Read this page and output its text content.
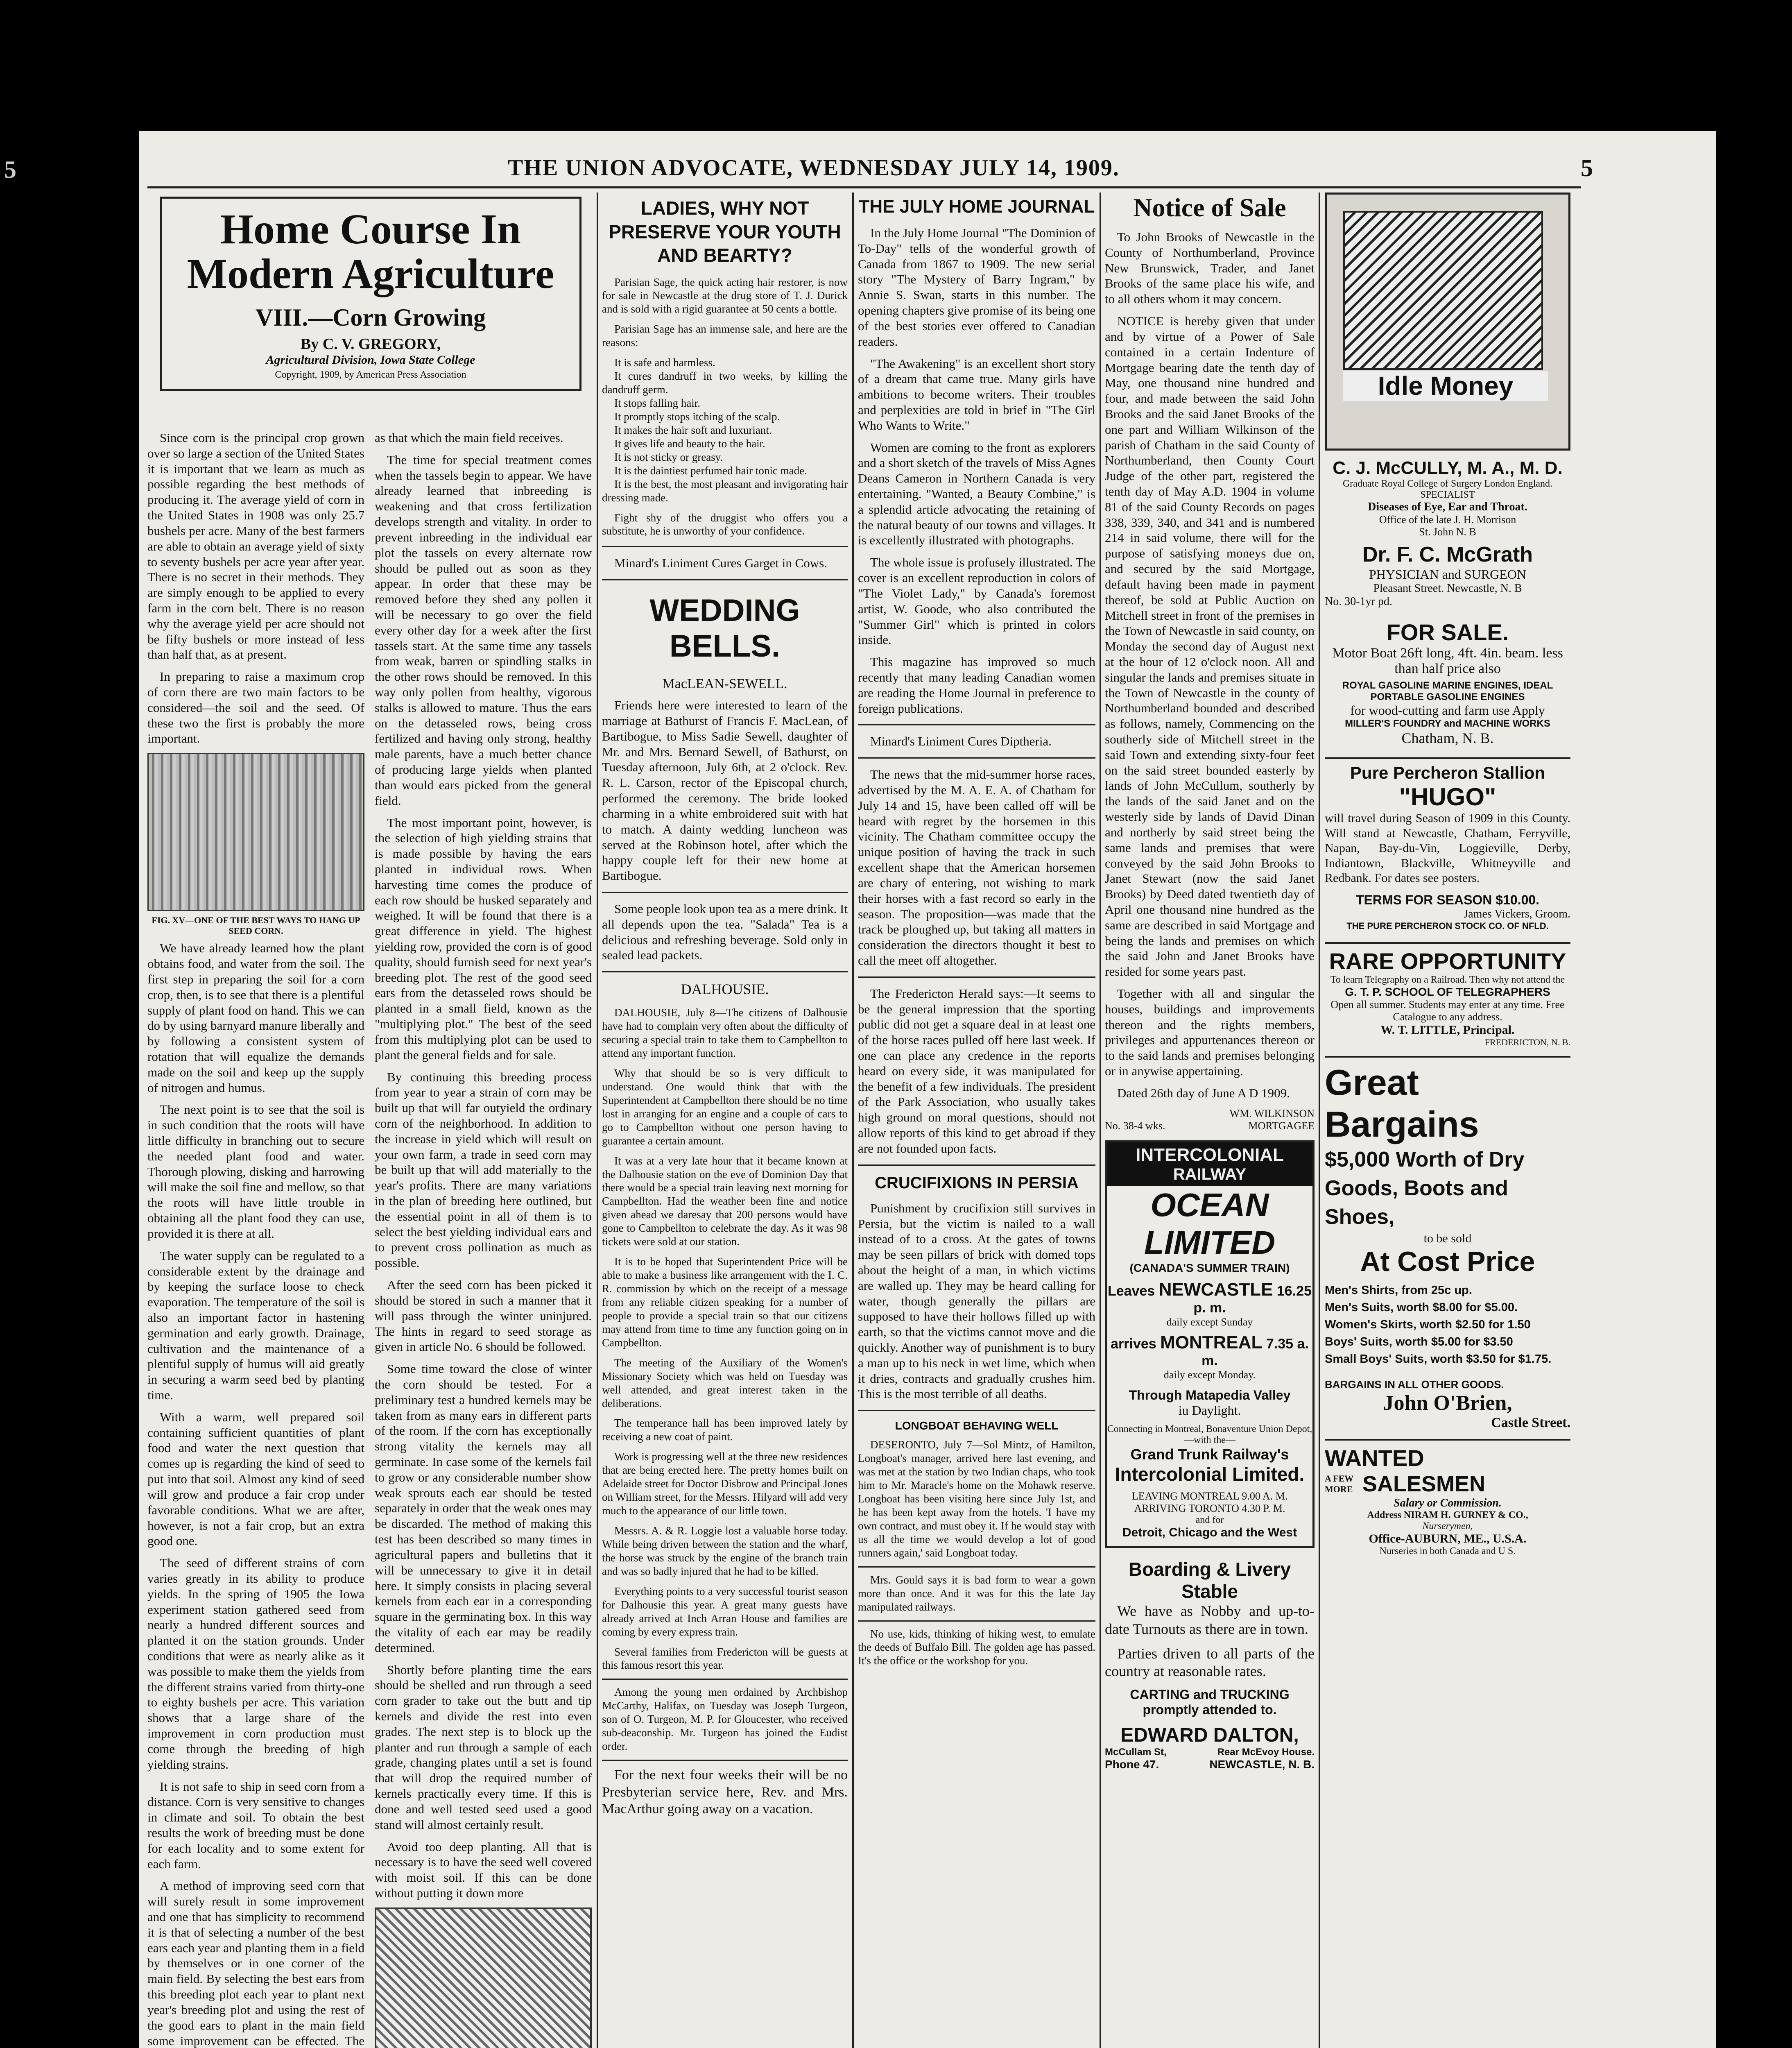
5	THE UNION ADVOCATE, WEDNESDAY JULY 14, 1909.	5
Home Course In
Modern Agriculture
VIII.—Corn Growing
By C. V. GREGORY,
Agricultural Division, Iowa State College
Copyright, 1909, by American Press Association

Since corn is the principal crop grown over so large a section of the United States it is important that we learn as much as possible regarding the best methods of producing it. The average yield of corn in the United States in 1908 was only 25.7 bushels per acre. Many of the best farmers are able to obtain an average yield of sixty to seventy bushels per acre year after year. There is no secret in their methods. They are simply enough to be applied to every farm in the corn belt. There is no reason why the average yield per acre should not be fifty bushels or more instead of less than half that, as at present.

In preparing to raise a maximum crop of corn there are two main factors to be considered—the soil and the seed. Of these two the first is probably the more important.

FIG. XV—ONE OF THE BEST WAYS TO HANG UP SEED CORN.

We have already learned how the plant obtains food, and water from the soil. The first step in preparing the soil for a corn crop, then, is to see that there is a plentiful supply of plant food on hand. This we can do by using barnyard manure liberally and by following a consistent system of rotation that will equalize the demands made on the soil and keep up the supply of nitrogen and humus.

The next point is to see that the soil is in such condition that the roots will have little difficulty in branching out to secure the needed plant food and water. Thorough plowing, disking and harrowing will make the soil fine and mellow, so that the roots will have little trouble in obtaining all the plant food they can use, provided it is there at all.

The water supply can be regulated to a considerable extent by the drainage and by keeping the surface loose to check evaporation. The temperature of the soil is also an important factor in hastening germination and early growth. Drainage, cultivation and the maintenance of a plentiful supply of humus will aid greatly in securing a warm seed bed by planting time.

With a warm, well prepared soil containing sufficient quantities of plant food and water the next question that comes up is regarding the kind of seed to put into that soil. Almost any kind of seed will grow and produce a fair crop under favorable conditions. What we are after, however, is not a fair crop, but an extra good one.

The seed of different strains of corn varies greatly in its ability to produce yields. In the spring of 1905 the Iowa experiment station gathered seed from nearly a hundred different sources and planted it on the station grounds. Under conditions that were as nearly alike as it was possible to make them the yields from the different strains varied from thirty-one to eighty bushels per acre. This variation shows that a large share of the improvement in corn production must come through the breeding of high yielding strains.

It is not safe to ship in seed corn from a distance. Corn is very sensitive to changes in climate and soil. To obtain the best results the work of breeding must be done for each locality and to some extent for each farm.

A method of improving seed corn that will surely result in some improvement and one that has simplicity to recommend it is that of selecting a number of the best ears each year and planting them in a field by themselves or in one corner of the main field. By selecting the best ears from this breeding plot each year to plant next year's breeding plot and using the rest of the good ears to plant in the main field some improvement can be effected. The

as that which the main field receives.

The time for special treatment comes when the tassels begin to appear. We have already learned that inbreeding is weakening and that cross fertilization develops strength and vitality. In order to prevent inbreeding in the individual ear plot the tassels on every alternate row should be pulled out as soon as they appear. In order that these may be removed before they shed any pollen it will be necessary to go over the field every other day for a week after the first tassels start. At the same time any tassels from weak, barren or spindling stalks in the other rows should be removed. In this way only pollen from healthy, vigorous stalks is allowed to mature. Thus the ears on the detasseled rows, being cross fertilized and having only strong, healthy male parents, have a much better chance of producing large yields when planted than would ears picked from the general field.

The most important point, however, is the selection of high yielding strains that is made possible by having the ears planted in individual rows. When harvesting time comes the produce of each row should be husked separately and weighed. It will be found that there is a great difference in yield. The highest yielding row, provided the corn is of good quality, should furnish seed for next year's breeding plot. The rest of the good seed ears from the detasseled rows should be planted in a small field, known as the "multiplying plot." The best of the seed from this multiplying plot can be used to plant the general fields and for sale.

By continuing this breeding process from year to year a strain of corn may be built up that will far outyield the ordinary corn of the neighborhood. In addition to the increase in yield which will result on your own farm, a trade in seed corn may be built up that will add materially to the year's profits. There are many variations in the plan of breeding here outlined, but the essential point in all of them is to select the best yielding individual ears and to prevent cross pollination as much as possible.

After the seed corn has been picked it should be stored in such a manner that it will pass through the winter uninjured. The hints in regard to seed storage as given in article No. 6 should be followed.

Some time toward the close of winter the corn should be tested. For a preliminary test a hundred kernels may be taken from as many ears in different parts of the room. If the corn has exceptionally strong vitality the kernels may all germinate. In case some of the kernels fail to grow or any considerable number show weak sprouts each ear should be tested separately in order that the weak ones may be discarded. The method of making this test has been described so many times in agricultural papers and bulletins that it will be unnecessary to give it in detail here. It simply consists in placing several kernels from each ear in a corresponding square in the germinating box. In this way the vitality of each ear may be readily determined.

Shortly before planting time the ears should be shelled and run through a seed corn grader to take out the butt and tip kernels and divide the rest into even grades. The next step is to block up the planter and run through a sample of each grade, changing plates until a set is found that will drop the required number of kernels practically every time. If this is done and well tested seed used a good stand will almost certainly result.

Avoid too deep planting. All that is necessary is to have the seed well covered with moist soil. If this can be done without putting it down more

LADIES, WHY NOT PRESERVE YOUR YOUTH AND BEARTY?

Parisian Sage, the quick acting hair restorer, is now for sale in Newcastle at the drug store of T. J. Durick and is sold with a rigid guarantee at 50 cents a bottle.

Parisian Sage has an immense sale, and here are the reasons:

It is safe and harmless.

It cures dandruff in two weeks, by killing the dandruff germ.

It stops falling hair.

It promptly stops itching of the scalp.

It makes the hair soft and luxuriant.

It gives life and beauty to the hair.

It is not sticky or greasy.

It is the daintiest perfumed hair tonic made.

It is the best, the most pleasant and invigorating hair dressing made.

Fight shy of the druggist who offers you a substitute, he is unworthy of your confidence.

Minard's Liniment Cures Garget in Cows.

WEDDING BELLS.
MacLEAN-SEWELL.

Friends here were interested to learn of the marriage at Bathurst of Francis F. MacLean, of Bartibogue, to Miss Sadie Sewell, daughter of Mr. and Mrs. Bernard Sewell, of Bathurst, on Tuesday afternoon, July 6th, at 2 o'clock. Rev. R. L. Carson, rector of the Episcopal church, performed the ceremony. The bride looked charming in a white embroidered suit with hat to match. A dainty wedding luncheon was served at the Robinson hotel, after which the happy couple left for their new home at Bartibogue.

Some people look upon tea as a mere drink. It all depends upon the tea. "Salada" Tea is a delicious and refreshing beverage. Sold only in sealed lead packets.

DALHOUSIE.

DALHOUSIE, July 8—The citizens of Dalhousie have had to complain very often about the difficulty of securing a special train to take them to Campbellton to attend any important function.

Why that should be so is very difficult to understand. One would think that with the Superintendent at Campbellton there should be no time lost in arranging for an engine and a couple of cars to go to Campbellton without one person having to guarantee a certain amount.

It was at a very late hour that it became known at the Dalhousie station on the eve of Dominion Day that there would be a special train leaving next morning for Campbellton. Had the weather been fine and notice given ahead we daresay that 200 persons would have gone to Campbellton to celebrate the day. As it was 98 tickets were sold at our station.

It is to be hoped that Superintendent Price will be able to make a business like arrangement with the I. C. R. commission by which on the receipt of a message from any reliable citizen speaking for a number of people to provide a special train so that our citizens may attend from time to time any function going on in Campbellton.

The meeting of the Auxiliary of the Women's Missionary Society which was held on Tuesday was well attended, and great interest taken in the deliberations.

The temperance hall has been improved lately by receiving a new coat of paint.

Work is progressing well at the three new residences that are being erected here. The pretty homes built on Adelaide street for Doctor Disbrow and Principal Jones on William street, for the Messrs. Hilyard will add very much to the appearance of our little town.

Messrs. A. & R. Loggie lost a valuable horse today. While being driven between the station and the wharf, the horse was struck by the engine of the branch train and was so badly injured that he had to be killed.

Everything points to a very successful tourist season for Dalhousie this year. A great many guests have already arrived at Inch Arran House and families are coming by every express train.

Several families from Fredericton will be guests at this famous resort this year.

Among the young men ordained by Archbishop McCarthy, Halifax, on Tuesday was Joseph Turgeon, son of O. Turgeon, M. P. for Gloucester, who received sub-deaconship. Mr. Turgeon has joined the Eudist order.

For the next four weeks their will be no Presbyterian service here, Rev. and Mrs. MacArthur going away on a vacation.

THE JULY HOME JOURNAL

In the July Home Journal "The Dominion of To-Day" tells of the wonderful growth of Canada from 1867 to 1909. The new serial story "The Mystery of Barry Ingram," by Annie S. Swan, starts in this number. The opening chapters give promise of its being one of the best stories ever offered to Canadian readers.

"The Awakening" is an excellent short story of a dream that came true. Many girls have ambitions to become writers. Their troubles and perplexities are told in brief in "The Girl Who Wants to Write."

Women are coming to the front as explorers and a short sketch of the travels of Miss Agnes Deans Cameron in Northern Canada is very entertaining. "Wanted, a Beauty Combine," is a splendid article advocating the retaining of the natural beauty of our towns and villages. It is excellently illustrated with photographs.

The whole issue is profusely illustrated. The cover is an excellent reproduction in colors of "The Violet Lady," by Canada's foremost artist, W. Goode, who also contributed the "Summer Girl" which is printed in colors inside.

This magazine has improved so much recently that many leading Canadian women are reading the Home Journal in preference to foreign publications.

Minard's Liniment Cures Diptheria.

The news that the mid-summer horse races, advertised by the M. A. E. A. of Chatham for July 14 and 15, have been called off will be heard with regret by the horsemen in this vicinity. The Chatham committee occupy the unique position of having the track in such excellent shape that the American horsemen are chary of entering, not wishing to mark their horses with a fast record so early in the season. The proposition—was made that the track be ploughed up, but taking all matters in consideration the directors thought it best to call the meet off altogether.

The Fredericton Herald says:—It seems to be the general impression that the sporting public did not get a square deal in at least one of the horse races pulled off here last week. If one can place any credence in the reports heard on every side, it was manipulated for the benefit of a few individuals. The president of the Park Association, who usually takes high ground on moral questions, should not allow reports of this kind to get abroad if they are not founded upon facts.

CRUCIFIXIONS IN PERSIA

Punishment by crucifixion still survives in Persia, but the victim is nailed to a wall instead of to a cross. At the gates of towns may be seen pillars of brick with domed tops about the height of a man, in which victims are walled up. They may be heard calling for water, though generally the pillars are supposed to have their hollows filled up with earth, so that the victims cannot move and die quickly. Another way of punishment is to bury a man up to his neck in wet lime, which when it dries, contracts and gradually crushes him. This is the most terrible of all deaths.

LONGBOAT BEHAVING WELL

DESERONTO, July 7—Sol Mintz, of Hamilton, Longboat's manager, arrived here last evening, and was met at the station by two Indian chaps, who took him to Mr. Maracle's home on the Mohawk reserve. Longboat has been visiting here since July 1st, and he has been kept away from the hotels. 'I have my own contract, and must obey it. If he would stay with us all the time we would develop a lot of good runners again,' said Longboat today.

Mrs. Gould says it is bad form to wear a gown more than once. And it was for this the late Jay manipulated railways.

No use, kids, thinking of hiking west, to emulate the deeds of Buffalo Bill. The golden age has passed. It's the office or the workshop for you.

Notice of Sale

To John Brooks of Newcastle in the County of Northumberland, Province New Brunswick, Trader, and Janet Brooks of the same place his wife, and to all others whom it may concern.

NOTICE is hereby given that under and by virtue of a Power of Sale contained in a certain Indenture of Mortgage bearing date the tenth day of May, one thousand nine hundred and four, and made between the said John Brooks and the said Janet Brooks of the one part and William Wilkinson of the parish of Chatham in the said County of Northumberland, then County Court Judge of the other part, registered the tenth day of May A.D. 1904 in volume 81 of the said County Records on pages 338, 339, 340, and 341 and is numbered 214 in said volume, there will for the purpose of satisfying moneys due on, and secured by the said Mortgage, default having been made in payment thereof, be sold at Public Auction on Mitchell street in front of the premises in the Town of Newcastle in said county, on Monday the second day of August next at the hour of 12 o'clock noon. All and singular the lands and premises situate in the Town of Newcastle in the county of Northumberland bounded and described as follows, namely, Commencing on the southerly side of Mitchell street in the said Town and extending sixty-four feet on the said street bounded easterly by lands of John McCullum, southerly by the lands of the said Janet and on the westerly side by lands of David Dinan and northerly by said street being the same lands and premises that were conveyed by the said John Brooks to Janet Stewart (now the said Janet Brooks) by Deed dated twentieth day of April one thousand nine hundred as the same are described in said Mortgage and being the lands and premises on which the said John and Janet Brooks have resided for some years past.

Together with all and singular the houses, buildings and improvements thereon and the rights members, privileges and appurtenances thereon or to the said lands and premises belonging or in anywise appertaining.

Dated 26th day of June A D 1909.

WM. WILKINSON
No. 38-4 wks.	MORTGAGEE
INTERCOLONIAL
RAILWAY
OCEAN
LIMITED
(CANADA'S SUMMER TRAIN)
Leaves NEWCASTLE 16.25 p. m.
daily except Sunday
arrives MONTREAL 7.35 a. m.
daily except Monday.
Through Matapedia Valley
iu Daylight.
Connecting in Montreal, Bonaventure Union Depot,
—with the—
Grand Trunk Railway's
Intercolonial Limited.
LEAVING MONTREAL 9.00 A. M.
ARRIVING TORONTO 4.30 P. M.
and for
Detroit, Chicago and the West
Boarding & Livery Stable

We have as Nobby and up-to-date Turnouts as there are in town.

Parties driven to all parts of the country at reasonable rates.

CARTING and TRUCKING promptly attended to.
EDWARD DALTON,
McCullam St,	Rear McEvoy House.
Phone 47.	NEWCASTLE, N. B.
Idle Money
C. J. McCULLY, M. A., M. D.
Graduate Royal College of Surgery London England.
SPECIALIST
Diseases of Eye, Ear and Throat.
Office of the late J. H. Morrison
St. John N. B
Dr. F. C. McGrath
PHYSICIAN and SURGEON
Pleasant Street. Newcastle, N. B
No. 30-1yr pd.
FOR SALE.
Motor Boat 26ft long, 4ft. 4in. beam. less than half price also
ROYAL GASOLINE MARINE ENGINES, IDEAL PORTABLE GASOLINE ENGINES
for wood-cutting and farm use Apply
MILLER'S FOUNDRY and MACHINE WORKS
Chatham, N. B.
Pure Percheron Stallion
"HUGO"

will travel during Season of 1909 in this County. Will stand at Newcastle, Chatham, Ferryville, Napan, Bay-du-Vin, Loggieville, Derby, Indiantown, Blackville, Whitneyville and Redbank. For dates see posters.

TERMS FOR SEASON $10.00.
James Vickers, Groom.
THE PURE PERCHERON STOCK CO. OF NFLD.
RARE OPPORTUNITY
To learn Telegraphy on a Railroad. Then why not attend the
G. T. P. SCHOOL OF TELEGRAPHERS
Open all summer. Students may enter at any time. Free Catalogue to any address.
W. T. LITTLE, Principal.
FREDERICTON, N. B.
Great
Bargains
$5,000 Worth of Dry Goods, Boots and Shoes,
to be sold
At Cost Price
Men's Shirts, from 25c up.
Men's Suits, worth $8.00 for $5.00.
Women's Skirts, worth $2.50 for 1.50
Boys' Suits, worth $5.00 for $3.50
Small Boys' Suits, worth $3.50 for $1.75.
BARGAINS IN ALL OTHER GOODS.
John O'Brien,
Castle Street.
WANTED
A FEW MORE SALESMEN
Salary or Commission.
Address NIRAM H. GURNEY & CO.,
Nurserymen,
Office-AUBURN, ME., U.S.A.
Nurseries in both Canada and U S.
